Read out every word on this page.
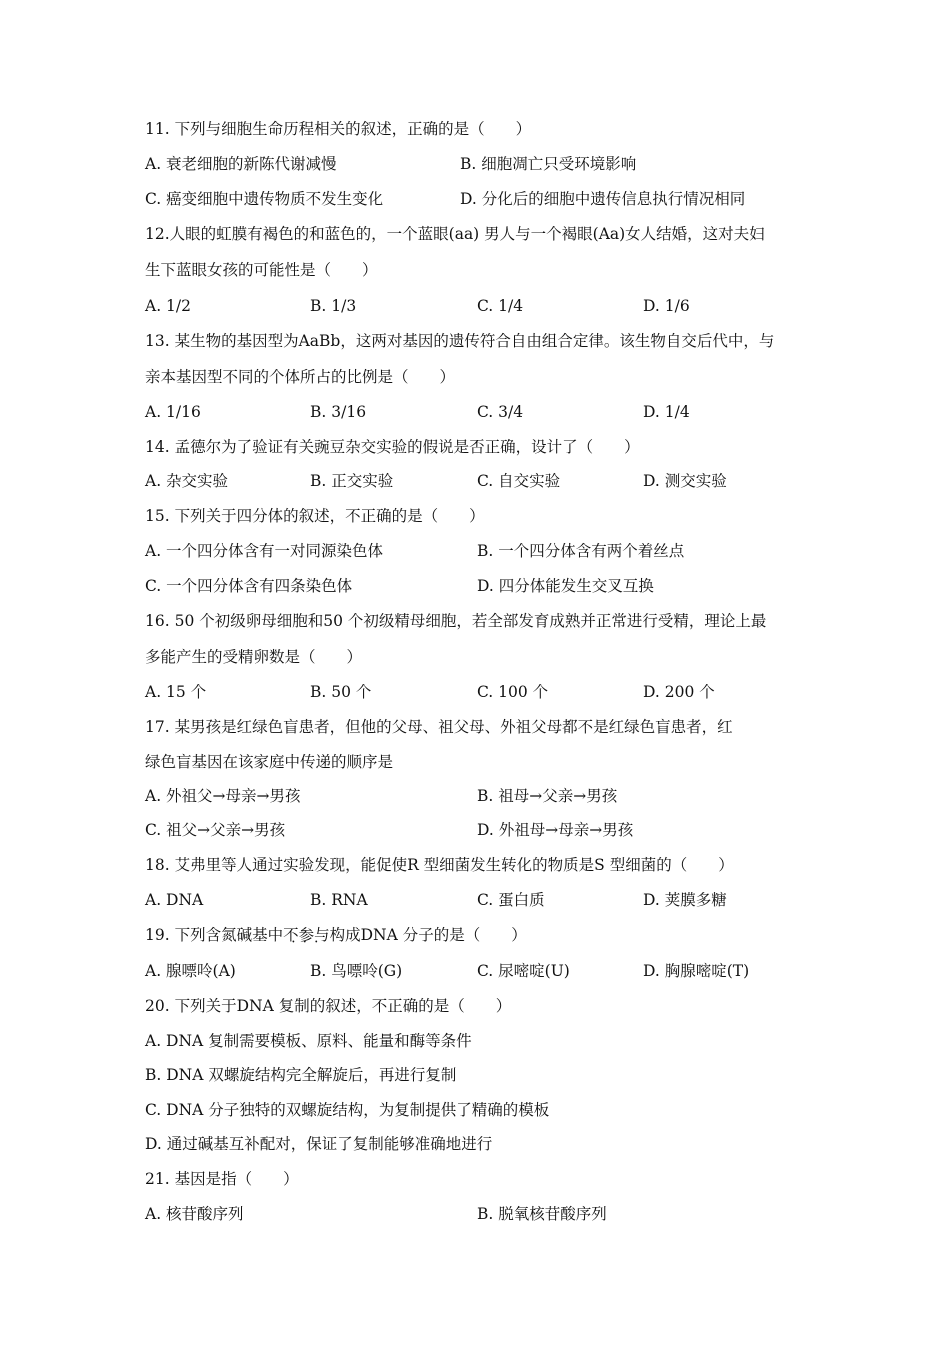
11. 下列与细胞生命历程相关的叙述，正确的是（　　）
A. 衰老细胞的新陈代谢减慢	B. 细胞凋亡只受环境影响
C. 癌变细胞中遗传物质不发生变化	D. 分化后的细胞中遗传信息执行情况相同
12.人眼的虹膜有褐色的和蓝色的，一个蓝眼(aa) 男人与一个褐眼(Aa)女人结婚，这对夫妇
生下蓝眼女孩的可能性是（　　）
A. 1/2	B. 1/3	C. 1/4	D. 1/6
13. 某生物的基因型为AaBb，这两对基因的遗传符合自由组合定律。该生物自交后代中，与
亲本基因型不同的个体所占的比例是（　　）
A. 1/16	B. 3/16	C. 3/4	D. 1/4
14. 孟德尔为了验证有关豌豆杂交实验的假说是否正确，设计了（　　）
A. 杂交实验	B. 正交实验	C. 自交实验	D. 测交实验
15. 下列关于四分体的叙述，不正确的是（　　）
A. 一个四分体含有一对同源染色体	B. 一个四分体含有两个着丝点
C. 一个四分体含有四条染色体	D. 四分体能发生交叉互换
16. 50 个初级卵母细胞和50 个初级精母细胞，若全部发育成熟并正常进行受精，理论上最
多能产生的受精卵数是（　　）
A. 15 个	B. 50 个	C. 100 个	D. 200 个
17. 某男孩是红绿色盲患者，但他的父母、祖父母、外祖父母都不是红绿色盲患者，红
绿色盲基因在该家庭中传递的顺序是
A. 外祖父→母亲→男孩	B. 祖母→父亲→男孩
C. 祖父→父亲→男孩	D. 外祖母→母亲→男孩
18. 艾弗里等人通过实验发现，能促使R 型细菌发生转化的物质是S 型细菌的（　　）
A. DNA	B. RNA	C. 蛋白质	D. 荚膜多糖
19. 下列含氮碱基中不参与 • • •构成DNA 分子的是（　　）
A. 腺嘌呤(A)	B. 鸟嘌呤(G)	C. 尿嘧啶(U)	D. 胸腺嘧啶(T)
20. 下列关于DNA 复制的叙述，不正确的是（　　）
A. DNA 复制需要模板、原料、能量和酶等条件
B. DNA 双螺旋结构完全解旋后，再进行复制
C. DNA 分子独特的双螺旋结构，为复制提供了精确的模板
D. 通过碱基互补配对，保证了复制能够准确地进行
21. 基因是指（　　）
A. 核苷酸序列	B. 脱氧核苷酸序列
